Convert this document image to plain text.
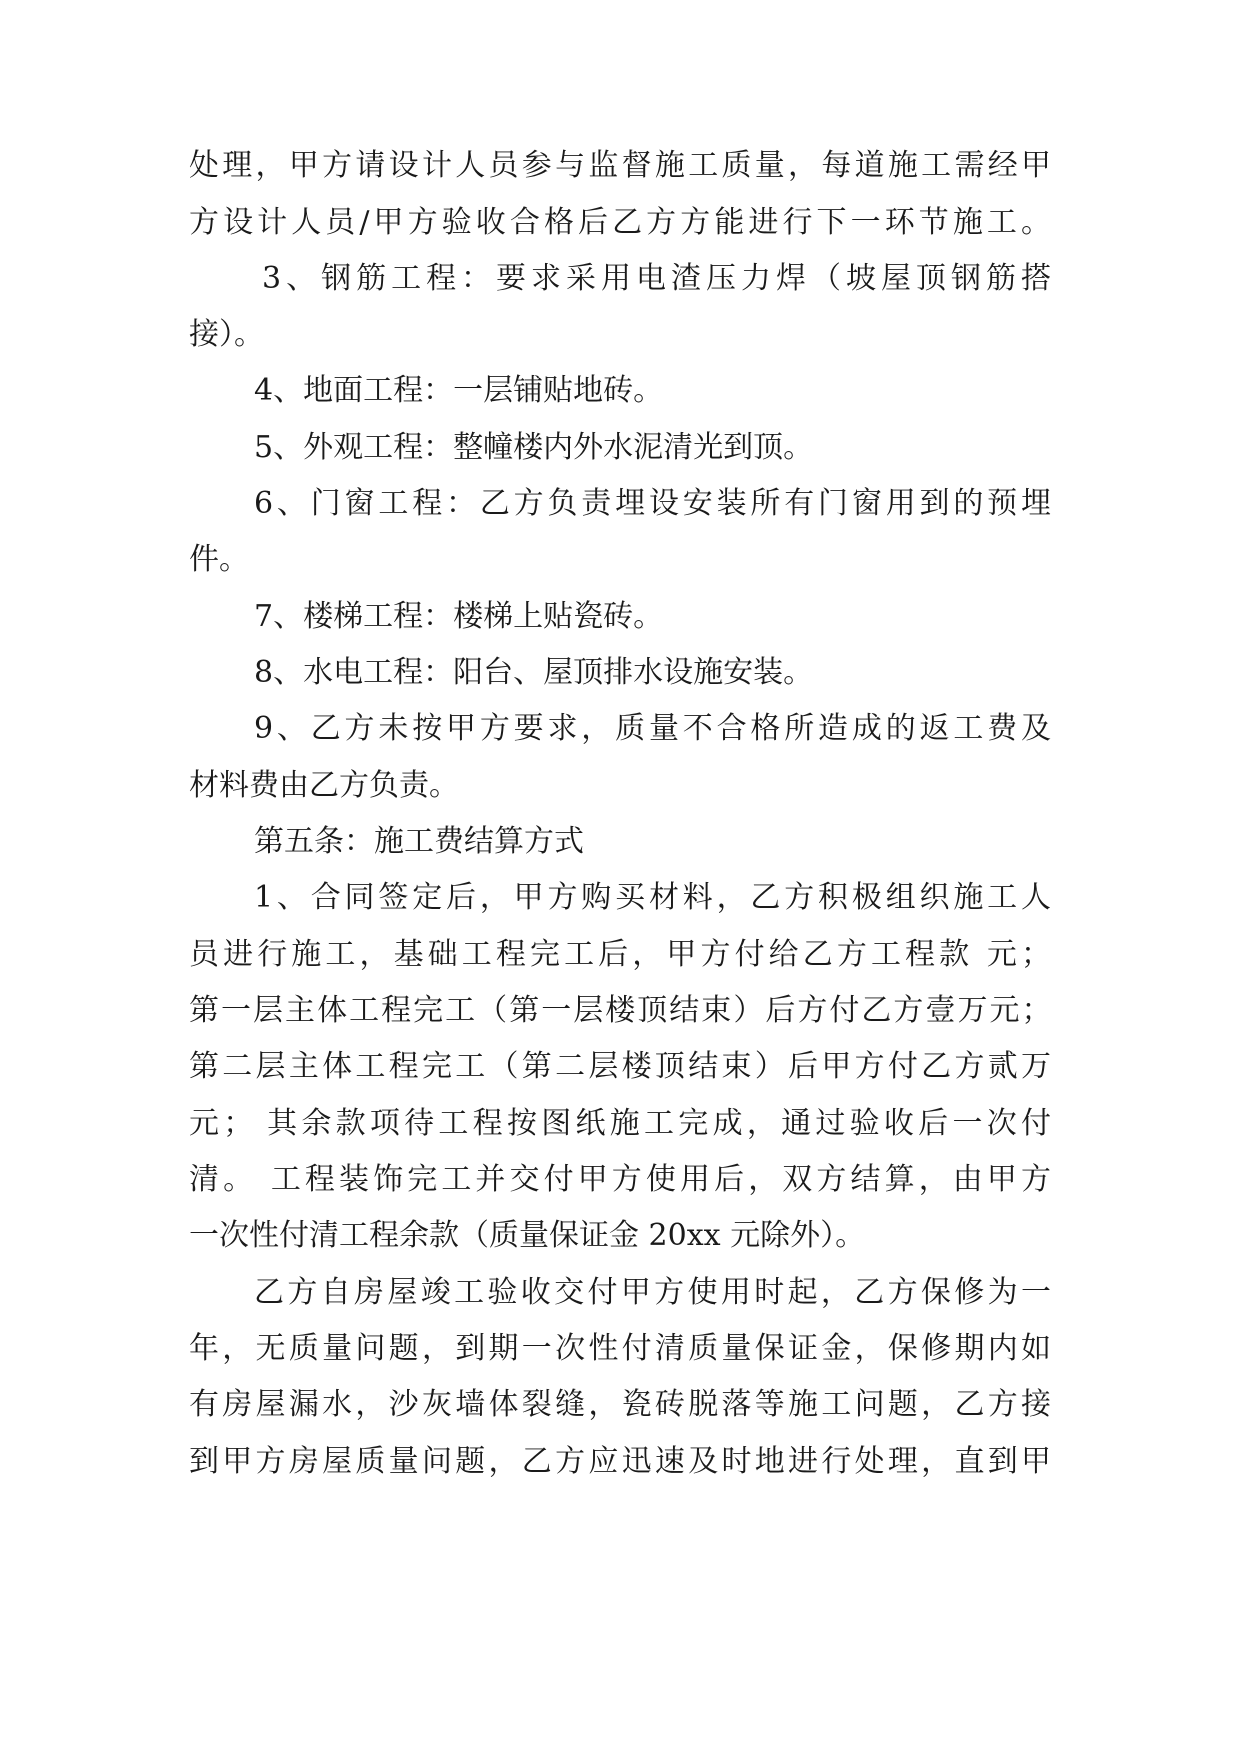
处理，甲方请设计人员参与监督施工质量，每道施工需经甲
方设计人员/甲方验收合格后乙方方能进行下一环节施工。
3、钢筋工程：要求采用电渣压力焊（坡屋顶钢筋搭
接）。
4、地面工程：一层铺贴地砖。
5、外观工程：整幢楼内外水泥清光到顶。
6、门窗工程：乙方负责埋设安装所有门窗用到的预埋
件。
7、楼梯工程：楼梯上贴瓷砖。
8、水电工程：阳台、屋顶排水设施安装。
9、乙方未按甲方要求，质量不合格所造成的返工费及
材料费由乙方负责。
第五条：施工费结算方式
1、合同签定后，甲方购买材料，乙方积极组织施工人
员进行施工，基础工程完工后，甲方付给乙方工程款 元；
第一层主体工程完工（第一层楼顶结束）后方付乙方壹万元；
第二层主体工程完工（第二层楼顶结束）后甲方付乙方贰万
元； 其余款项待工程按图纸施工完成，通过验收后一次付
清。 工程装饰完工并交付甲方使用后，双方结算，由甲方
一次性付清工程余款（质量保证金 20xx 元除外）。
乙方自房屋竣工验收交付甲方使用时起，乙方保修为一
年，无质量问题，到期一次性付清质量保证金，保修期内如
有房屋漏水，沙灰墙体裂缝，瓷砖脱落等施工问题，乙方接
到甲方房屋质量问题，乙方应迅速及时地进行处理，直到甲
